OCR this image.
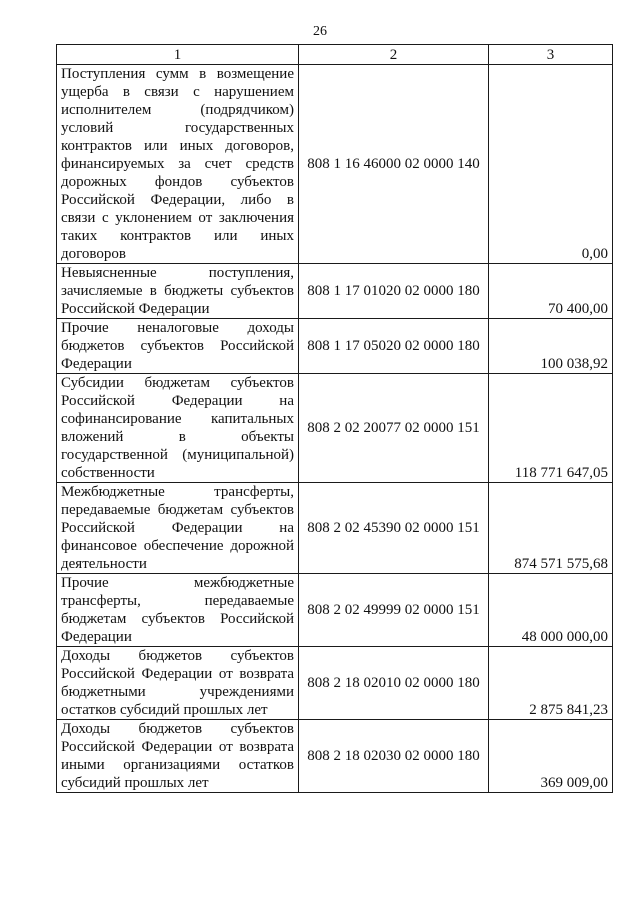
26
1	2	3
Поступления сумм в возмещение ущерба в связи с нарушением исполнителем (подрядчиком) условий государственных контрактов или иных договоров, финансируемых за счет средств дорожных фондов субъектов Российской Федерации, либо в связи с уклонением от заключения таких контрактов или иных договоров	808 1 16 46000 02 0000 140	0,00
Невыясненные поступления, зачисляемые в бюджеты субъектов Российской Федерации	808 1 17 01020 02 0000 180	70 400,00
Прочие неналоговые доходы бюджетов субъектов Российской Федерации	808 1 17 05020 02 0000 180	100 038,92
Субсидии бюджетам субъектов Российской Федерации на софинансирование капитальных вложений в объекты государственной (муниципальной) собственности	808 2 02 20077 02 0000 151	118 771 647,05
Межбюджетные трансферты, передаваемые бюджетам субъектов Российской Федерации на финансовое обеспечение дорожной деятельности	808 2 02 45390 02 0000 151	874 571 575,68
Прочие межбюджетные трансферты, передаваемые бюджетам субъектов Российской Федерации	808 2 02 49999 02 0000 151	48 000 000,00
Доходы бюджетов субъектов Российской Федерации от возврата бюджетными учреждениями остатков субсидий прошлых лет	808 2 18 02010 02 0000 180	2 875 841,23
Доходы бюджетов субъектов Российской Федерации от возврата иными организациями остатков субсидий прошлых лет	808 2 18 02030 02 0000 180	369 009,00
